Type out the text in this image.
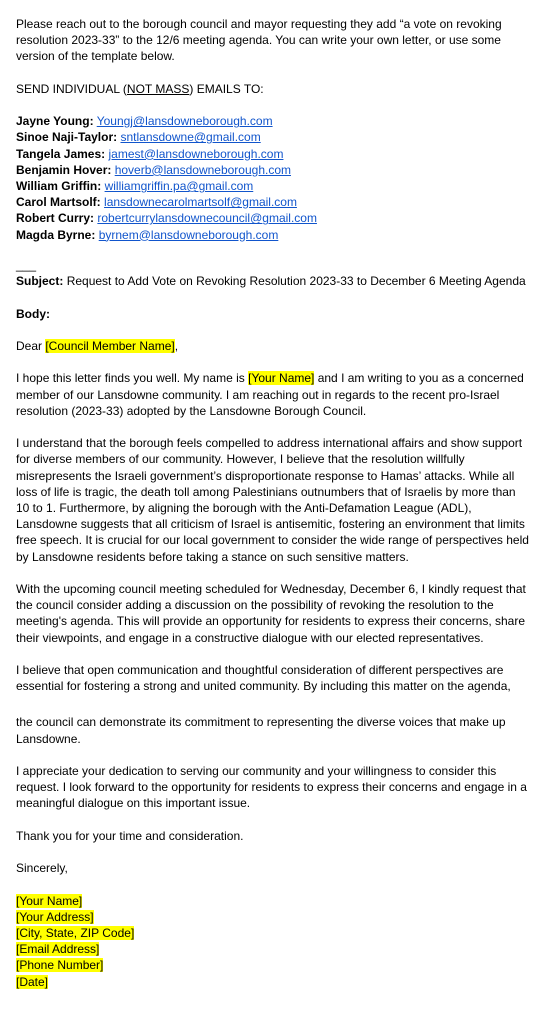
Please reach out to the borough council and mayor requesting they add “a vote on revoking resolution 2023-33” to the 12/6 meeting agenda. You can write your own letter, or use some version of the template below.

SEND INDIVIDUAL (NOT MASS) EMAILS TO:

Jayne Young: Youngj@lansdowneborough.com
Sinoe Naji-Taylor: sntlansdowne@gmail.com
Tangela James: jamest@lansdowneborough.com
Benjamin Hover: hoverb@lansdowneborough.com
William Griffin: williamgriffin.pa@gmail.com
Carol Martsolf: lansdownecarolmartsolf@gmail.com
Robert Curry: robertcurrylansdownecouncil@gmail.com
Magda Byrne: byrnem@lansdowneborough.com
___

Subject: Request to Add Vote on Revoking Resolution 2023-33 to December 6 Meeting Agenda

Body:

Dear [Council Member Name],

I hope this letter finds you well. My name is [Your Name] and I am writing to you as a concerned member of our Lansdowne community. I am reaching out in regards to the recent pro-Israel resolution (2023-33) adopted by the Lansdowne Borough Council.

I understand that the borough feels compelled to address international affairs and show support for diverse members of our community. However, I believe that the resolution willfully misrepresents the Israeli government’s disproportionate response to Hamas’ attacks. While all loss of life is tragic, the death toll among Palestinians outnumbers that of Israelis by more than 10 to 1. Furthermore, by aligning the borough with the Anti-Defamation League (ADL), Lansdowne suggests that all criticism of Israel is antisemitic, fostering an environment that limits free speech. It is crucial for our local government to consider the wide range of perspectives held by Lansdowne residents before taking a stance on such sensitive matters.

With the upcoming council meeting scheduled for Wednesday, December 6, I kindly request that the council consider adding a discussion on the possibility of revoking the resolution to the meeting's agenda. This will provide an opportunity for residents to express their concerns, share their viewpoints, and engage in a constructive dialogue with our elected representatives.

I believe that open communication and thoughtful consideration of different perspectives are essential for fostering a strong and united community. By including this matter on the agenda,

the council can demonstrate its commitment to representing the diverse voices that make up Lansdowne.

I appreciate your dedication to serving our community and your willingness to consider this request. I look forward to the opportunity for residents to express their concerns and engage in a meaningful dialogue on this important issue.

Thank you for your time and consideration.

Sincerely,

[Your Name]
[Your Address]
[City, State, ZIP Code]
[Email Address]
[Phone Number]
[Date]
